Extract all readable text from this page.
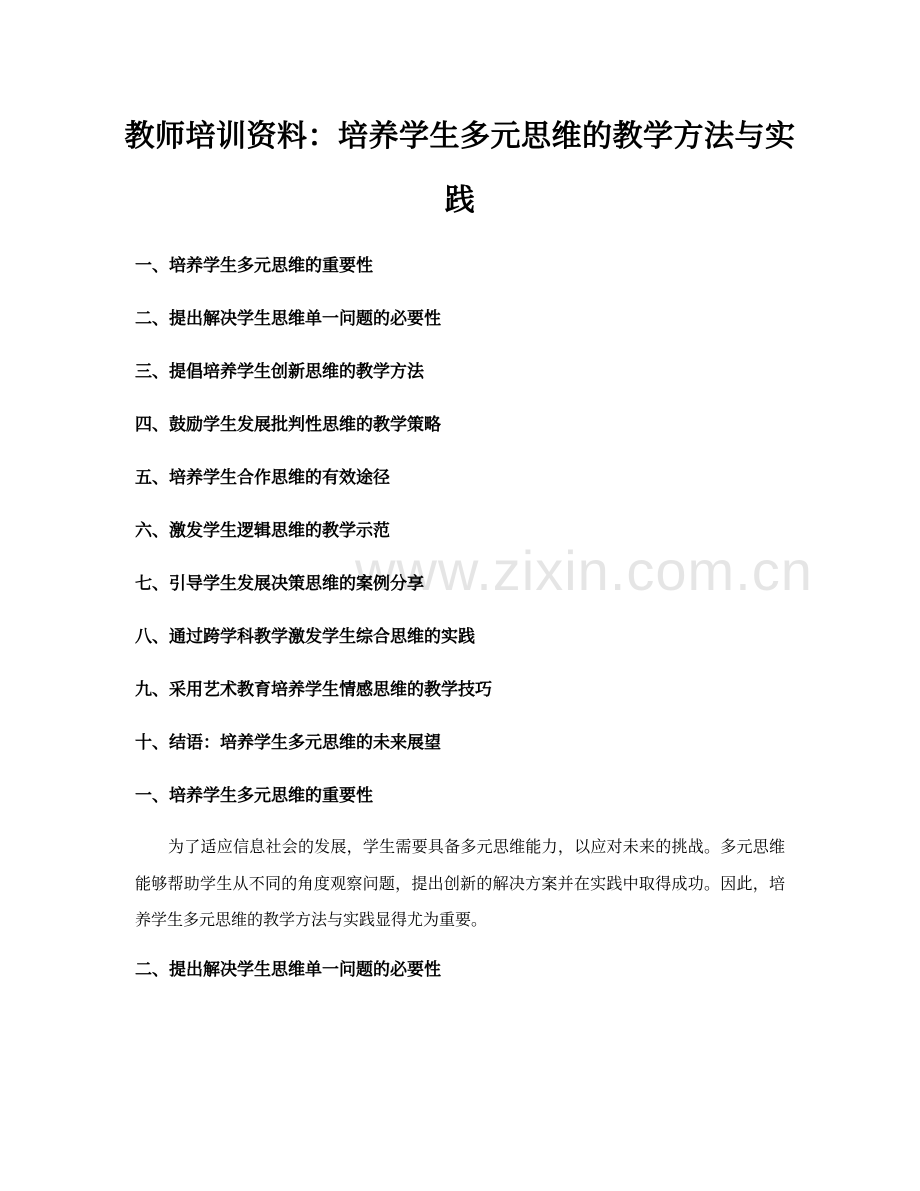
www.zixin.com.cn
教师培训资料：培养学生多元思维的教学方法与实践
一、培养学生多元思维的重要性
二、提出解决学生思维单一问题的必要性
三、提倡培养学生创新思维的教学方法
四、鼓励学生发展批判性思维的教学策略
五、培养学生合作思维的有效途径
六、激发学生逻辑思维的教学示范
七、引导学生发展决策思维的案例分享
八、通过跨学科教学激发学生综合思维的实践
九、采用艺术教育培养学生情感思维的教学技巧
十、结语：培养学生多元思维的未来展望
一、培养学生多元思维的重要性
为了适应信息社会的发展，学生需要具备多元思维能力，以应对未来的挑战。多元思维能够帮助学生从不同的角度观察问题，提出创新的解决方案并在实践中取得成功。因此，培养学生多元思维的教学方法与实践显得尤为重要。
二、提出解决学生思维单一问题的必要性
